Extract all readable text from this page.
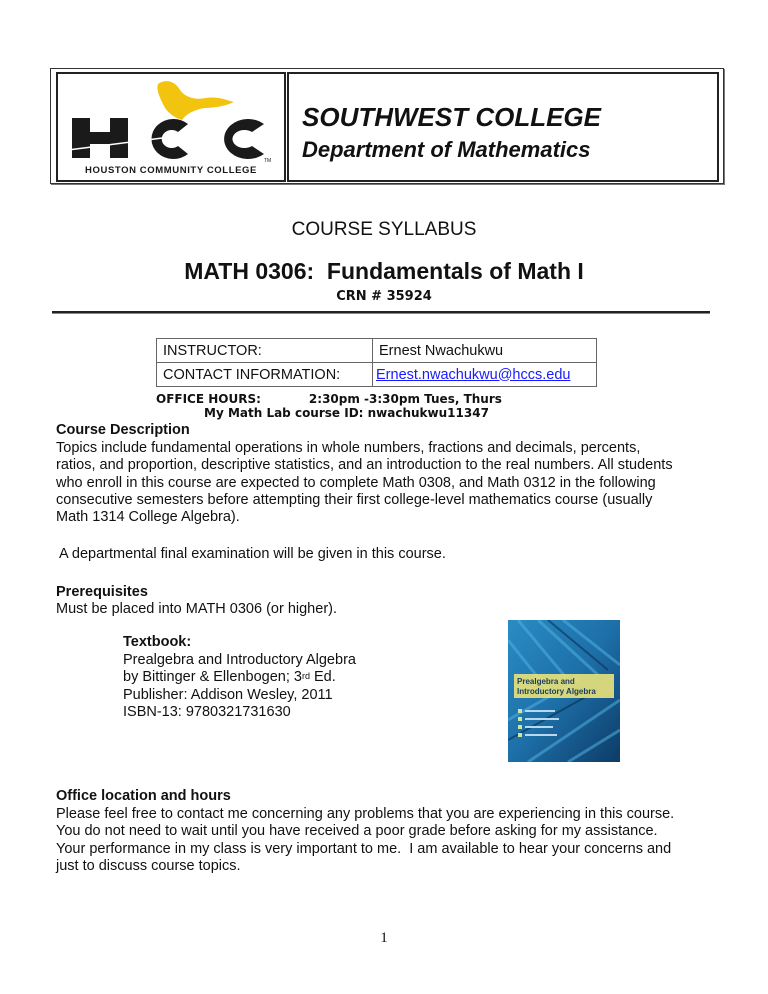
TM
HOUSTON COMMUNITY COLLEGE
SOUTHWEST COLLEGE
Department of Mathematics
COURSE SYLLABUS
MATH 0306:  Fundamentals of Math I
CRN # 35924
INSTRUCTOR:	Ernest Nwachukwu
CONTACT INFORMATION:	Ernest.nwachukwu@hccs.edu
OFFICE HOURS:	2:30pm -3:30pm Tues, Thurs
My Math Lab course ID: nwachukwu11347
Course Description
Topics include fundamental operations in whole numbers, fractions and decimals, percents,
ratios, and proportion, descriptive statistics, and an introduction to the real numbers. All students
who enroll in this course are expected to complete Math 0308, and Math 0312 in the following
consecutive semesters before attempting their first college-level mathematics course (usually
Math 1314 College Algebra).
A departmental final examination will be given in this course.
Prerequisites
Must be placed into MATH 0306 (or higher).
Textbook:
Prealgebra and Introductory Algebra
by Bittinger & Ellenbogen; 3rd Ed.
Publisher: Addison Wesley, 2011
ISBN-13: 9780321731630
Prealgebra and
Introductory Algebra
Office location and hours
Please feel free to contact me concerning any problems that you are experiencing in this course.
You do not need to wait until you have received a poor grade before asking for my assistance.
Your performance in my class is very important to me.  I am available to hear your concerns and
just to discuss course topics.
1
